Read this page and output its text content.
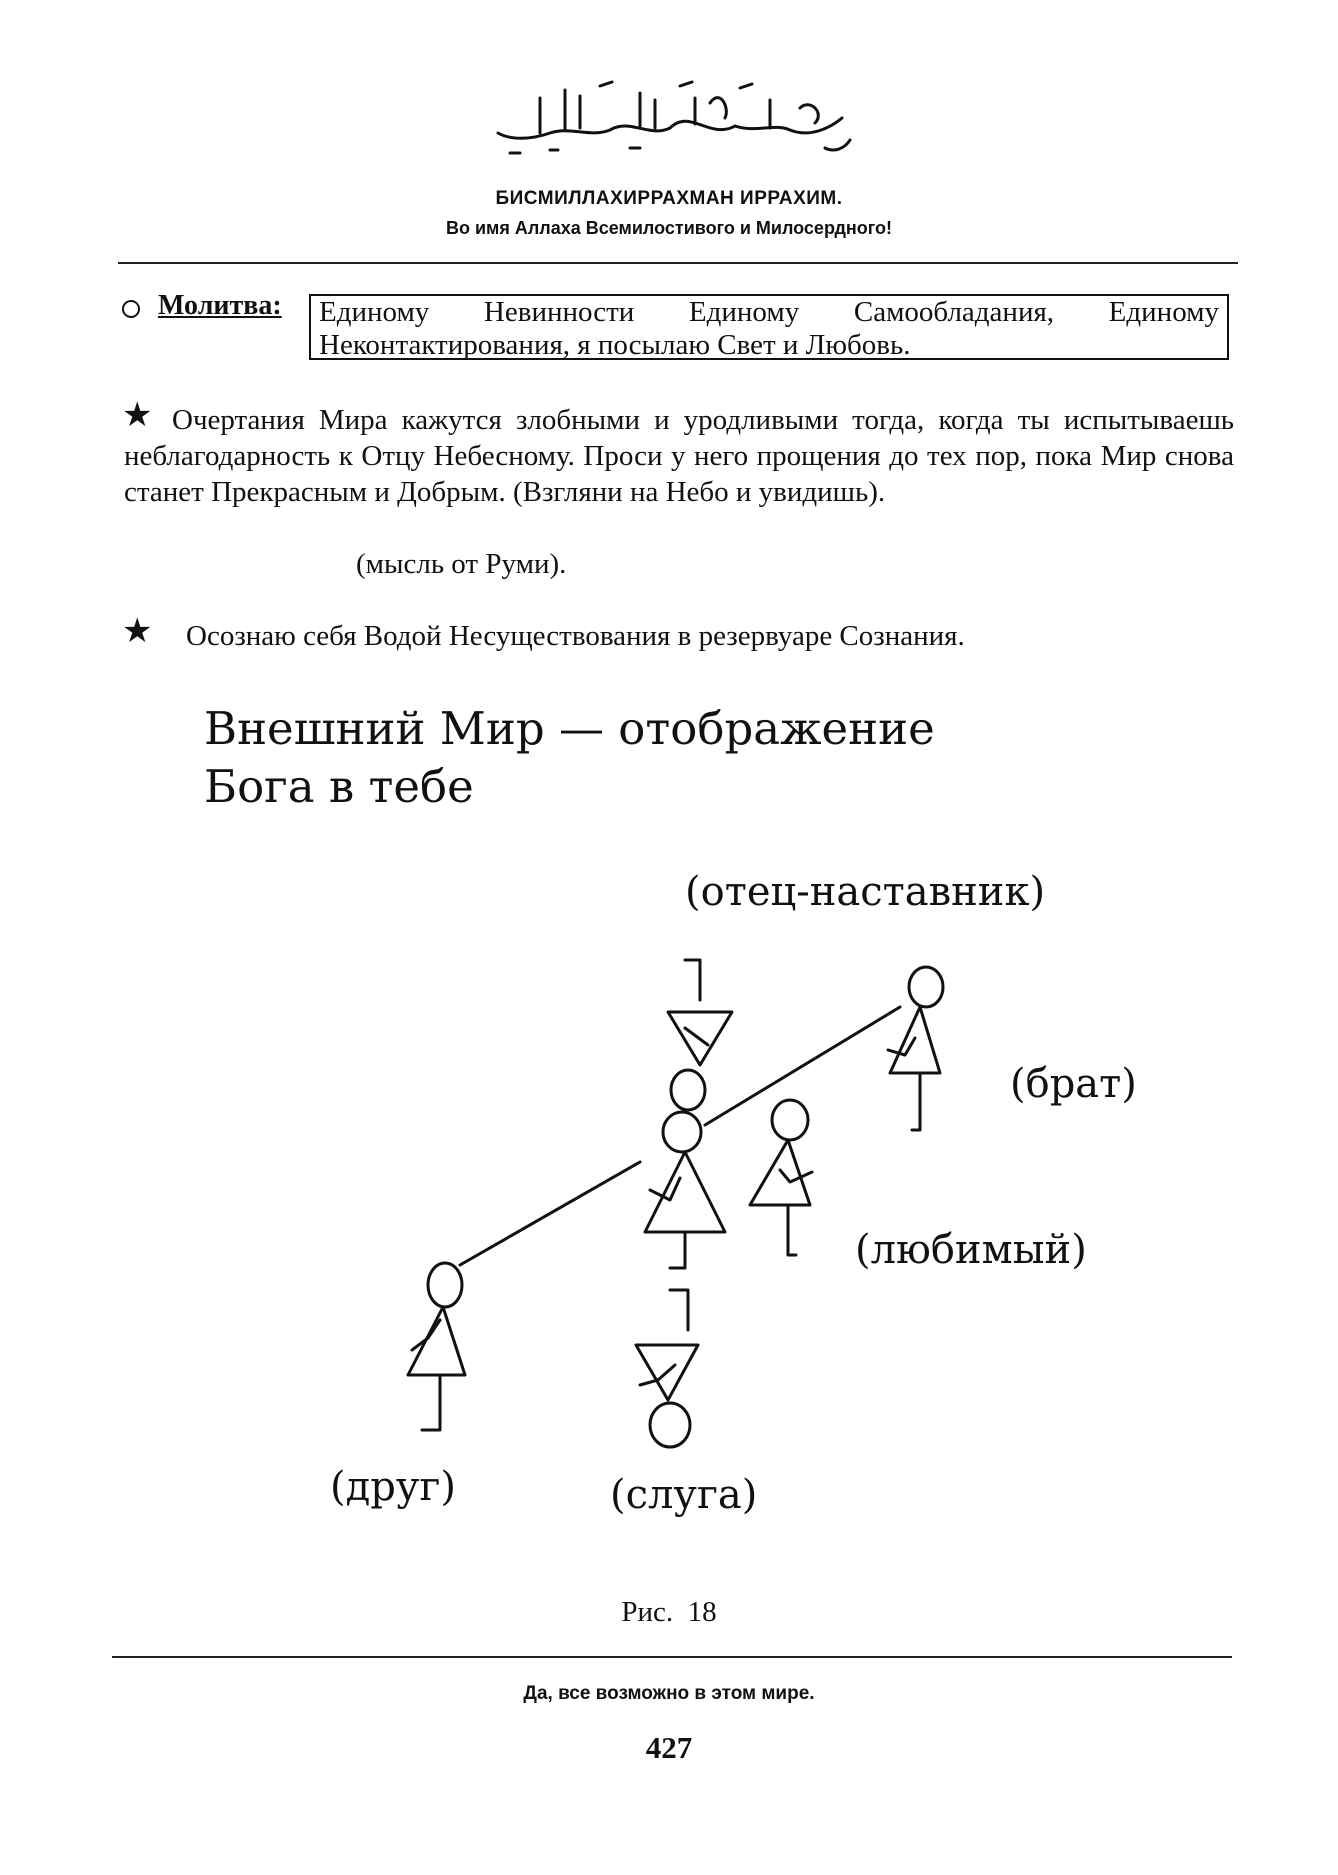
БИСМИЛЛАХИРРАХМАН ИРРАХИМ.
Во имя Аллаха Всемилостивого и Милосердного!
Молитва: Единому Невинности Единому Самообладания, Единому
Неконтактирования, я посылаю Свет и Любовь.
★ Очертания Мира кажутся злобными и уродливыми тогда, когда ты испытываешь неблагодарность к Отцу Небесному. Проси у него прощения до тех пор, пока Мир снова станет Прекрасным и Добрым. (Взгляни на Небо и увидишь).
(мысль от Руми).
★	Осознаю себя Водой Несуществования в резервуаре Сознания.
Внешний Мир — отображение
Бога в тебе
(отец-наставник)
(брат)
(любимый)
(друг)	(слуга)
Рис.  18
Да, все возможно в этом мире.
427
